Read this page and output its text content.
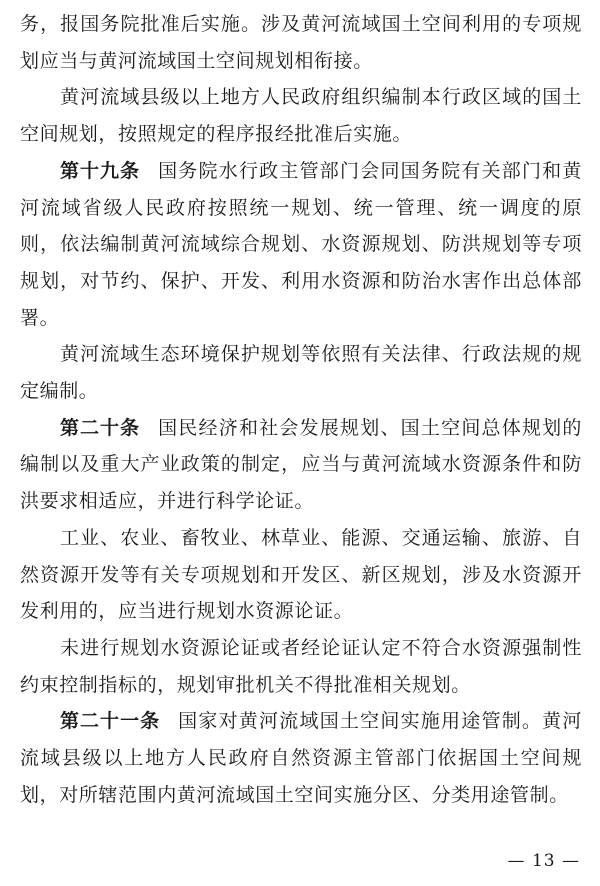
务，报国务院批准后实施。涉及黄河流域国土空间利用的专项规划应当与黄河流域国土空间规划相衔接。

黄河流域县级以上地方人民政府组织编制本行政区域的国土空间规划，按照规定的程序报经批准后实施。

第十九条 国务院水行政主管部门会同国务院有关部门和黄河流域省级人民政府按照统一规划、统一管理、统一调度的原则，依法编制黄河流域综合规划、水资源规划、防洪规划等专项规划，对节约、保护、开发、利用水资源和防治水害作出总体部署。

黄河流域生态环境保护规划等依照有关法律、行政法规的规定编制。

第二十条 国民经济和社会发展规划、国土空间总体规划的编制以及重大产业政策的制定，应当与黄河流域水资源条件和防洪要求相适应，并进行科学论证。

工业、农业、畜牧业、林草业、能源、交通运输、旅游、自然资源开发等有关专项规划和开发区、新区规划，涉及水资源开发利用的，应当进行规划水资源论证。

未进行规划水资源论证或者经论证认定不符合水资源强制性约束控制指标的，规划审批机关不得批准相关规划。

第二十一条 国家对黄河流域国土空间实施用途管制。黄河流域县级以上地方人民政府自然资源主管部门依据国土空间规划，对所辖范围内黄河流域国土空间实施分区、分类用途管制。

— 13 —
